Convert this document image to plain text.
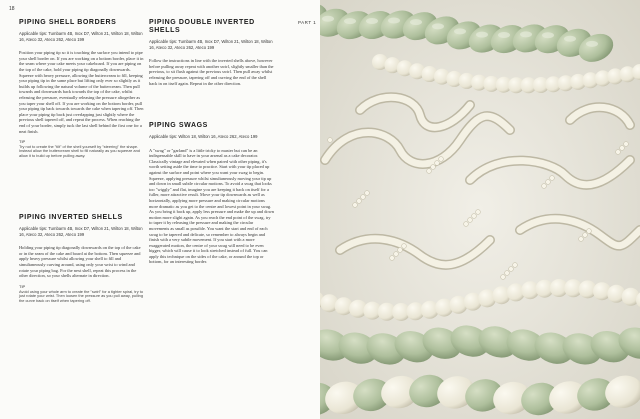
18
PART 1
PIPING SHELL BORDERS

Applicable tips: Tumbarm 4B, Inox D7, Wilton 21, Wilton 18, Wilton 16, Ateco 32, Ateco 262, Ateco 199

Position your piping tip so it is touching the surface you intend to pipe your shell border on. If you are working on a bottom border, place it in the seam where your cake meets your cakeboard. If you are piping on the top of the cake, hold your piping tip diagonally downwards. Squeeze with heavy pressure, allowing the buttercream to fill, keeping your piping tip in the same place but lifting only ever so slightly as it builds up following the natural volume of the buttercream. Then pull towards and downwards back towards the top of the cake, whilst releasing the pressure, eventually releasing the pressure altogether as you taper your shell off. If you are working on the bottom border, pull your piping tip back towards towards the cake when tapering off. Then place your piping tip back just overlapping just slightly where the previous shell tapered off, and repeat the process. When reaching the end of your border, simply tuck the last shell behind the first one for a neat finish.

TIP

Try not to create the "tilt" of the shell yourself by "steering" the shape. Instead allow the buttercream shell to fill naturally as you squeeze and allow it to build up before pulling away.

PIPING INVERTED SHELLS

Applicable tips: Tumbarm 4B, Inox D7, Wilton 21, Wilton 18, Wilton 16, Ateco 32, Ateco 262, Ateco 199

Holding your piping tip diagonally downwards on the top of the cake or in the seam of the cake and board at the bottom. Then squeeze and apply heavy pressure whilst allowing your shell to fill and simultaneously curving around, using only your wrist to wind and rotate your piping bag. For the next shell, repeat this process in the other direction, so your shells alternate in direction.

TIP

Avoid using your whole arm to create the "swirl" for a tighter spiral, try to just rotate your wrist. Then loosen the pressure as you pull away, pulling the curve back on itself when tapering off.

PIPING DOUBLE INVERTED SHELLS

Applicable tips: Tumbarm 4B, Inox D7, Wilton 21, Wilton 18, Wilton 16, Ateco 32, Ateco 262, Ateco 199

Follow the instructions in line with the inverted shells above, however before pulling away repeat with another swirl, slightly smaller than the previous, to sit flush against the previous swirl. Then pull away whilst releasing the pressure, tapering off and curving the end of the shell back in on itself again. Repeat in the other direction.

PIPING SWAGS

Applicable tips: Wilton 18, Wilton 16, Ateco 262, Ateco 199

A "swag" or "garland" is a little tricky to master but can be an indispensable skill to have in your arsenal as a cake decorator. Classically vintage and elevated when paired with other piping, it's worth setting aside the time to practice. Start with your tip placed up against the surface and point where you want your swag to begin. Squeeze, applying pressure whilst simultaneously moving your tip up and down in small subtle circular motions. To avoid a swag that looks too "wiggly" and flat, imagine you are keeping it back on itself for a fuller, more attractive result. Move your tip downwards as well as horizontally, applying more pressure and making circular motions more dramatic as you get to the centre and lowest point in your swag. As you bring it back up, apply less pressure and make the up and down motion more slight again. As you reach the end point of the swag, try to taper it by releasing the pressure and making the circular movements as small as possible. You want the start and end of each swag to be tapered and delicate, so remember to always begin and finish with a very subtle movement. If you start with a more exaggerated motion, the centre of your swag will need to be even bigger, which will cause it to look stretched instead of full. You can apply this technique on the sides of the cake, or around the top or bottom, for an interesting border.
